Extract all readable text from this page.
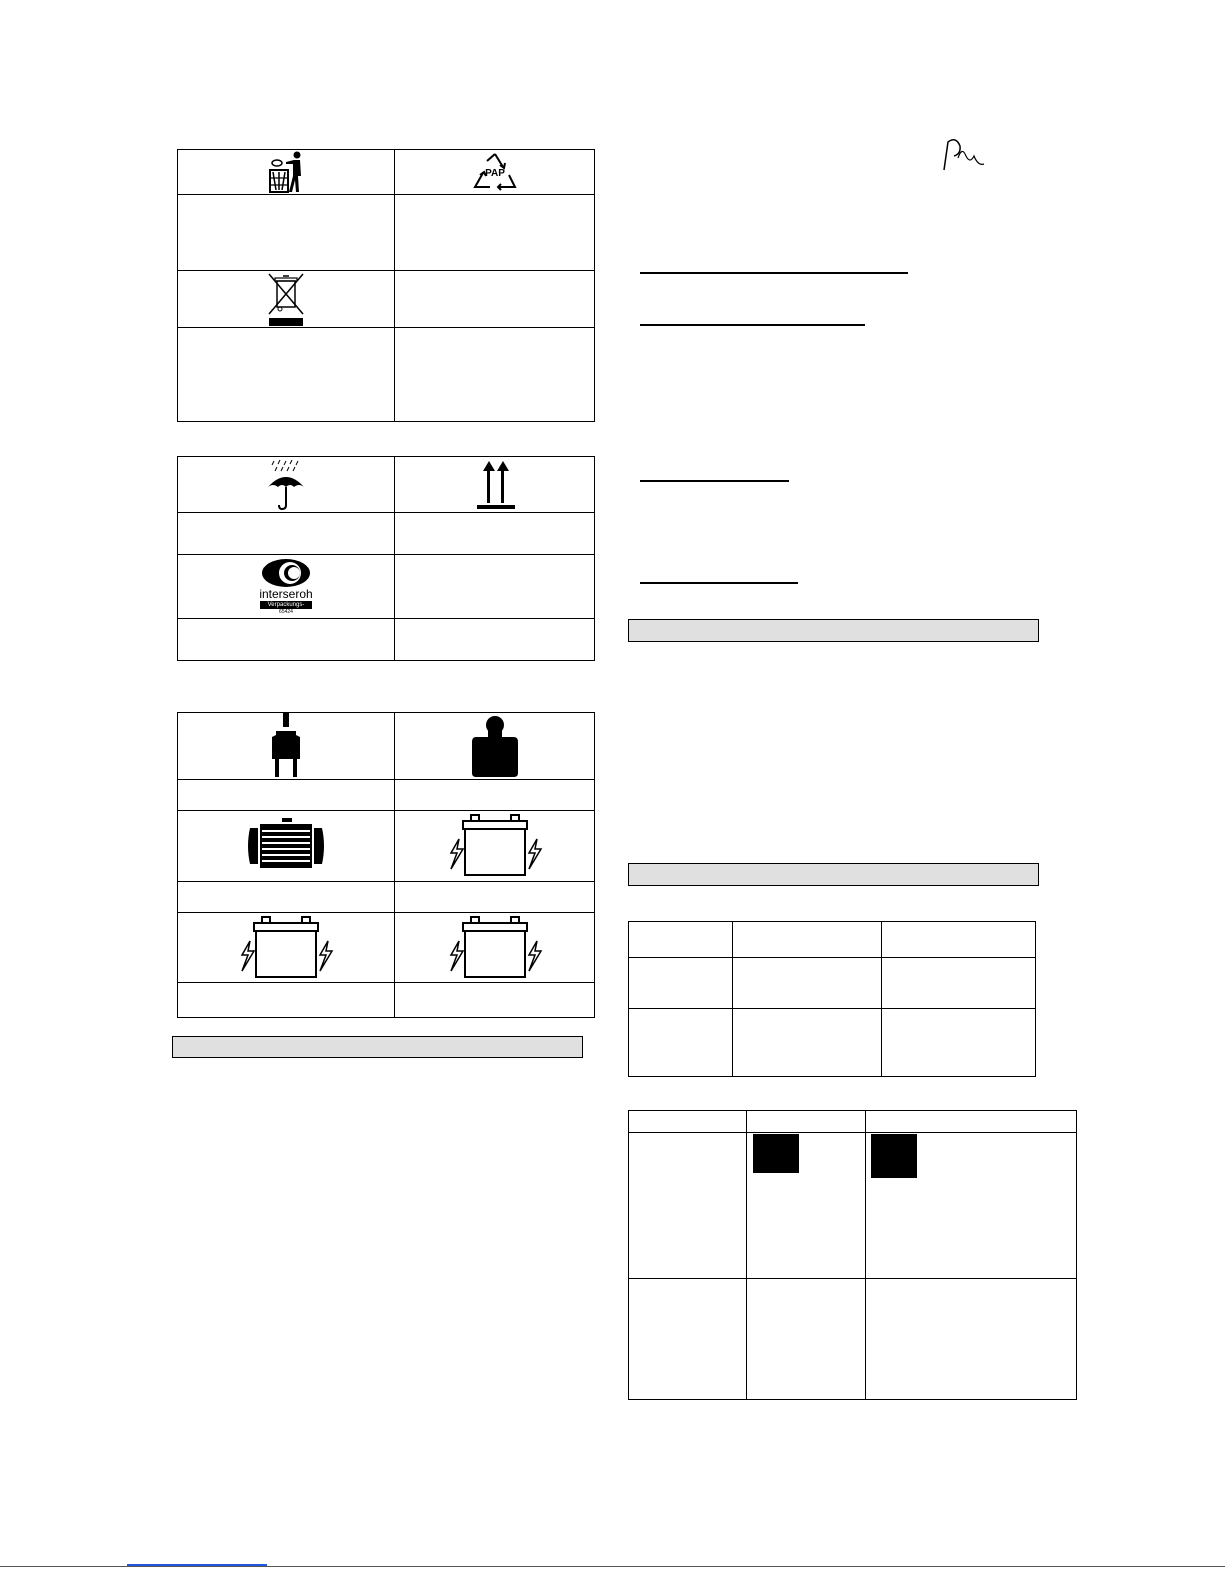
PAP

interseroh
Verpackungs-
65424	
